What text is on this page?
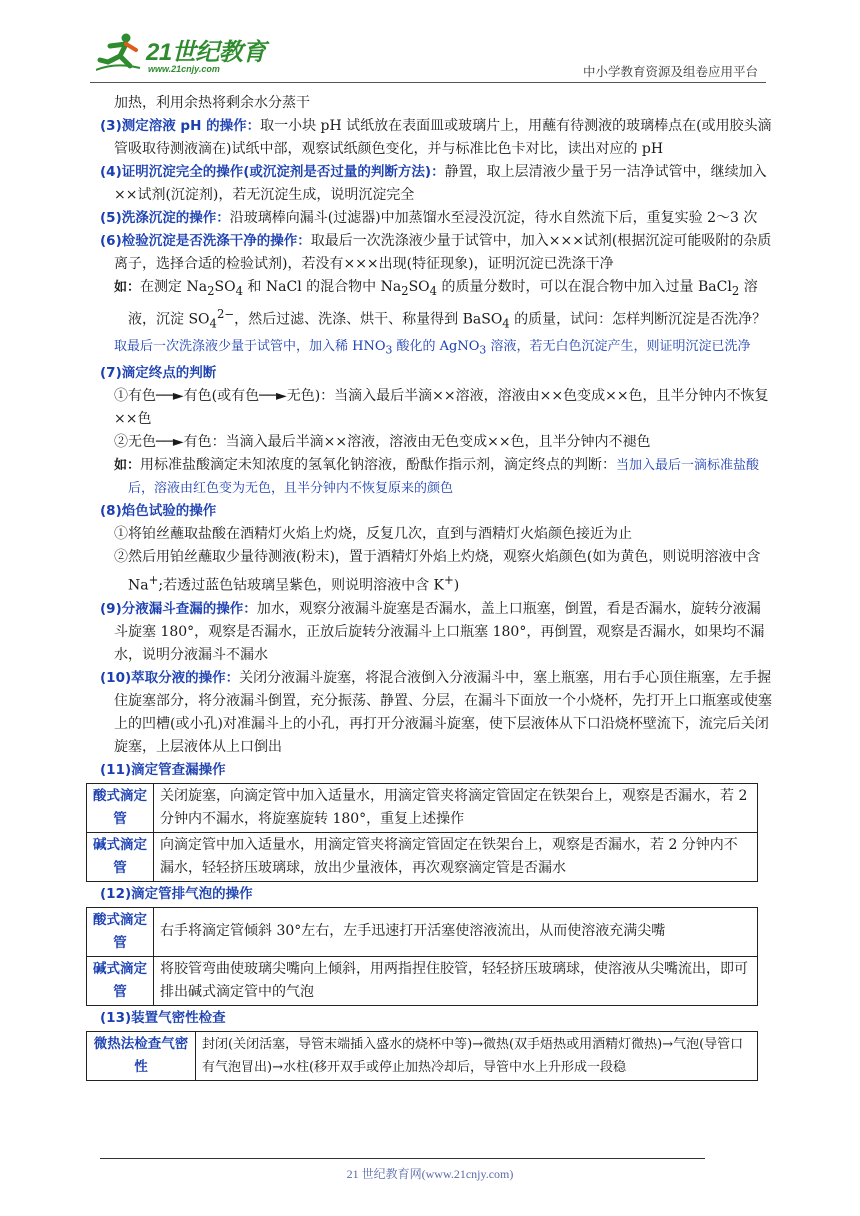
21世纪教育
www.21cnjy.com	中小学教育资源及组卷应用平台

加热，利用余热将剩余水分蒸干

(3)测定溶液 pH 的操作：取一小块 pH 试纸放在表面皿或玻璃片上，用蘸有待测液的玻璃棒点在(或用胶头滴管吸取待测液滴在)试纸中部，观察试纸颜色变化，并与标准比色卡对比，读出对应的 pH

(4)证明沉淀完全的操作(或沉淀剂是否过量的判断方法)：静置，取上层清液少量于另一洁净试管中，继续加入××试剂(沉淀剂)，若无沉淀生成，说明沉淀完全

(5)洗涤沉淀的操作：沿玻璃棒向漏斗(过滤器)中加蒸馏水至浸没沉淀，待水自然流下后，重复实验 2～3 次

(6)检验沉淀是否洗涤干净的操作：取最后一次洗涤液少量于试管中，加入×××试剂(根据沉淀可能吸附的杂质离子，选择合适的检验试剂)，若没有×××出现(特征现象)，证明沉淀已洗涤干净

如：在测定 $Na_2SO_4$ 和 NaCl 的混合物中 $Na_2SO_4$ 的质量分数时，可以在混合物中加入过量 BaCl$_2$ 溶液，沉淀 $SO_4^{2-}$，然后过滤、洗涤、烘干、称量得到 BaSO$_4$ 的质量，试问：怎样判断沉淀是否洗净？

取最后一次洗涤液少量于试管中，加入稀 $HNO_3$ 酸化的 AgNO$_3$ 溶液，若无白色沉淀产生，则证明沉淀已洗净

(7)滴定终点的判断

①有色──►有色(或有色──►无色)：当滴入最后半滴××溶液，溶液由××色变成××色，且半分钟内不恢复××色

②无色──►有色：当滴入最后半滴××溶液，溶液由无色变成××色，且半分钟内不褪色

如：用标准盐酸滴定未知浓度的氢氧化钠溶液，酚酞作指示剂，滴定终点的判断：当加入最后一滴标准盐酸后，溶液由红色变为无色，且半分钟内不恢复原来的颜色

(8)焰色试验的操作

①将铂丝蘸取盐酸在酒精灯火焰上灼烧，反复几次，直到与酒精灯火焰颜色接近为止

②然后用铂丝蘸取少量待测液(粉末)，置于酒精灯外焰上灼烧，观察火焰颜色(如为黄色，则说明溶液中含 Na+;若透过蓝色钴玻璃呈紫色，则说明溶液中含 K+)

(9)分液漏斗查漏的操作：加水，观察分液漏斗旋塞是否漏水，盖上口瓶塞，倒置，看是否漏水，旋转分液漏斗旋塞 180°，观察是否漏水，正放后旋转分液漏斗上口瓶塞 180°，再倒置，观察是否漏水，如果均不漏水，说明分液漏斗不漏水

(10)萃取分液的操作：关闭分液漏斗旋塞，将混合液倒入分液漏斗中，塞上瓶塞，用右手心顶住瓶塞，左手握住旋塞部分，将分液漏斗倒置，充分振荡、静置、分层，在漏斗下面放一个小烧杯，先打开上口瓶塞或使塞上的凹槽(或小孔)对准漏斗上的小孔，再打开分液漏斗旋塞，使下层液体从下口沿烧杯壁流下，流完后关闭旋塞，上层液体从上口倒出

(11)滴定管查漏操作

酸式滴定管	关闭旋塞，向滴定管中加入适量水，用滴定管夹将滴定管固定在铁架台上，观察是否漏水，若 2 分钟内不漏水，将旋塞旋转 180°，重复上述操作
碱式滴定管	向滴定管中加入适量水，用滴定管夹将滴定管固定在铁架台上，观察是否漏水，若 2 分钟内不漏水，轻轻挤压玻璃球，放出少量液体，再次观察滴定管是否漏水

(12)滴定管排气泡的操作

酸式滴定管	右手将滴定管倾斜 30°左右，左手迅速打开活塞使溶液流出，从而使溶液充满尖嘴
碱式滴定管	将胶管弯曲使玻璃尖嘴向上倾斜，用两指捏住胶管，轻轻挤压玻璃球，使溶液从尖嘴流出，即可排出碱式滴定管中的气泡

(13)装置气密性检查

微热法检查气密性	封闭(关闭活塞，导管末端插入盛水的烧杯中等)→微热(双手焐热或用酒精灯微热)→气泡(导管口有气泡冒出)→水柱(移开双手或停止加热冷却后，导管中水上升形成一段稳
21 世纪教育网(www.21cnjy.com)
